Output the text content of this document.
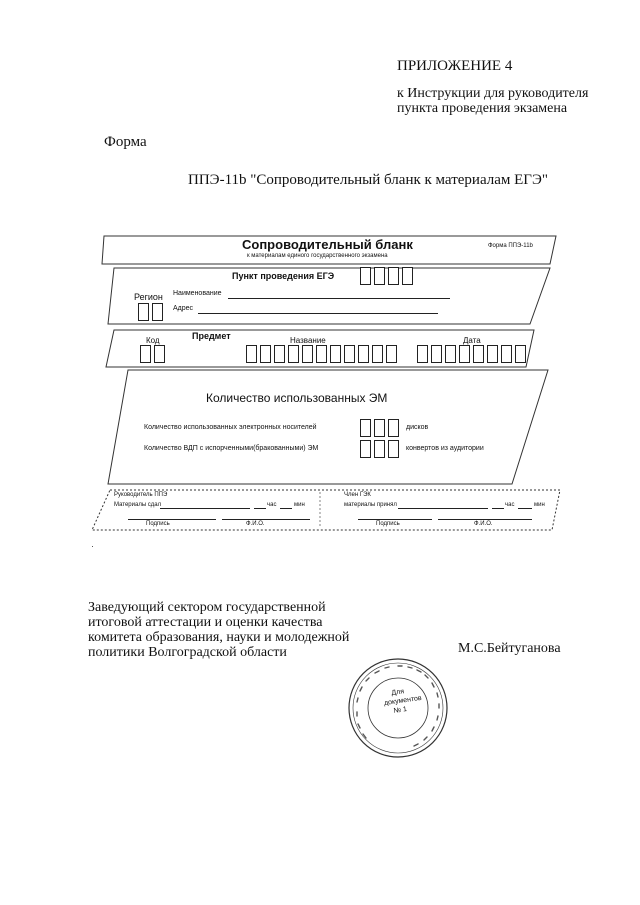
ПРИЛОЖЕНИЕ 4
к Инструкции для руководителя
пункта проведения экзамена
Форма
ППЭ-11b "Сопроводительный бланк к материалам ЕГЭ"
Сопроводительный бланк
к материалам единого государственного экзамена
Форма ППЭ-11b
Пункт проведения ЕГЭ
Регион Наименование
Адрес
Предмет
Код	Название	Дата
Количество использованных ЭМ
Количество использованных электронных носителей	дисков
Количество ВДП с испорченными(бракованными) ЭМ	конвертов из аудитории
Руководитель ППЭ
Материалы сдал	час	мин
Подпись	Ф.И.О.
Член ГЭК
материалы принял	час	мин
Подпись	Ф.И.О.
Заведующий сектором государственной
итоговой аттестации и оценки качества
комитета образования, науки и молодежной
политики Волгоградской области	М.С.Бейтуганова
Для
документов
№ 1
